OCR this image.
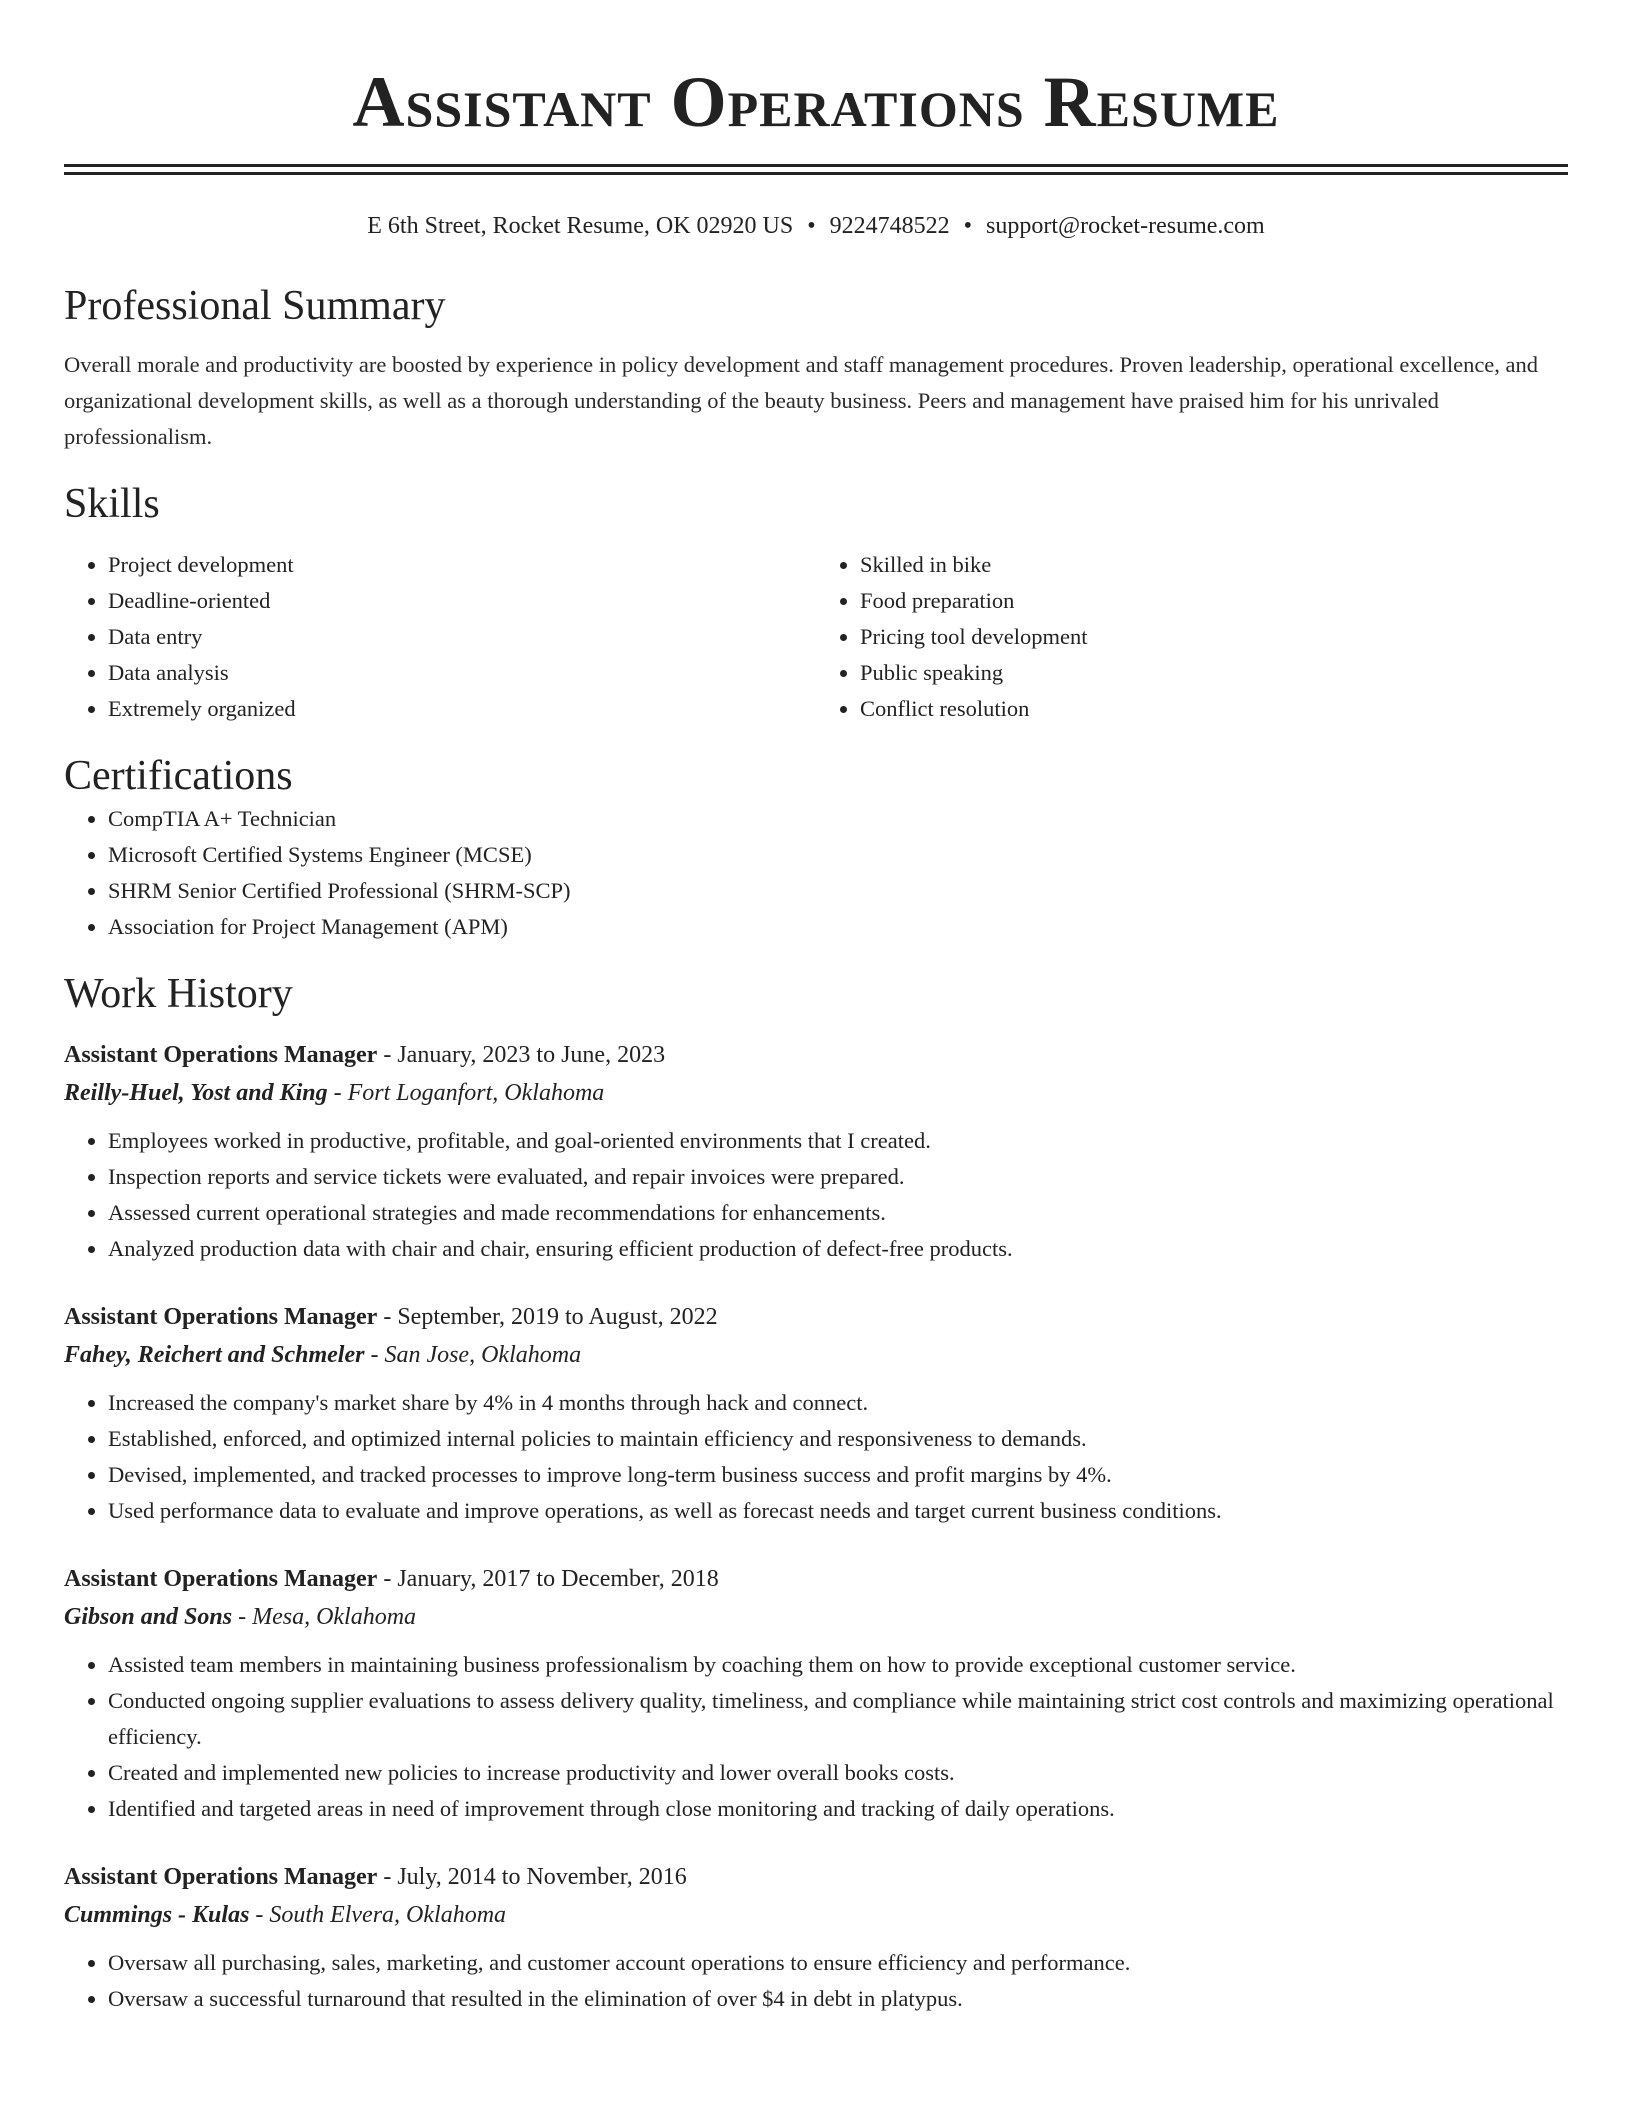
Assistant Operations Resume
E 6th Street, Rocket Resume, OK 02920 US • 9224748522 • support@rocket-resume.com
Professional Summary

Overall morale and productivity are boosted by experience in policy development and staff management procedures. Proven leadership, operational excellence, and organizational development skills, as well as a thorough understanding of the beauty business. Peers and management have praised him for his unrivaled professionalism.

Skills
• Project development
• Deadline-oriented
• Data entry
• Data analysis
• Extremely organized
• Skilled in bike
• Food preparation
• Pricing tool development
• Public speaking
• Conflict resolution
Certifications
• CompTIA A+ Technician
• Microsoft Certified Systems Engineer (MCSE)
• SHRM Senior Certified Professional (SHRM-SCP)
• Association for Project Management (APM)
Work History
Assistant Operations Manager - January, 2023 to June, 2023
Reilly-Huel, Yost and King - Fort Loganfort, Oklahoma
• Employees worked in productive, profitable, and goal-oriented environments that I created.
• Inspection reports and service tickets were evaluated, and repair invoices were prepared.
• Assessed current operational strategies and made recommendations for enhancements.
• Analyzed production data with chair and chair, ensuring efficient production of defect-free products.
Assistant Operations Manager - September, 2019 to August, 2022
Fahey, Reichert and Schmeler - San Jose, Oklahoma
• Increased the company's market share by 4% in 4 months through hack and connect.
• Established, enforced, and optimized internal policies to maintain efficiency and responsiveness to demands.
• Devised, implemented, and tracked processes to improve long-term business success and profit margins by 4%.
• Used performance data to evaluate and improve operations, as well as forecast needs and target current business conditions.
Assistant Operations Manager - January, 2017 to December, 2018
Gibson and Sons - Mesa, Oklahoma
• Assisted team members in maintaining business professionalism by coaching them on how to provide exceptional customer service.
• Conducted ongoing supplier evaluations to assess delivery quality, timeliness, and compliance while maintaining strict cost controls and maximizing operational efficiency.
• Created and implemented new policies to increase productivity and lower overall books costs.
• Identified and targeted areas in need of improvement through close monitoring and tracking of daily operations.
Assistant Operations Manager - July, 2014 to November, 2016
Cummings - Kulas - South Elvera, Oklahoma
• Oversaw all purchasing, sales, marketing, and customer account operations to ensure efficiency and performance.
• Oversaw a successful turnaround that resulted in the elimination of over $4 in debt in platypus.
